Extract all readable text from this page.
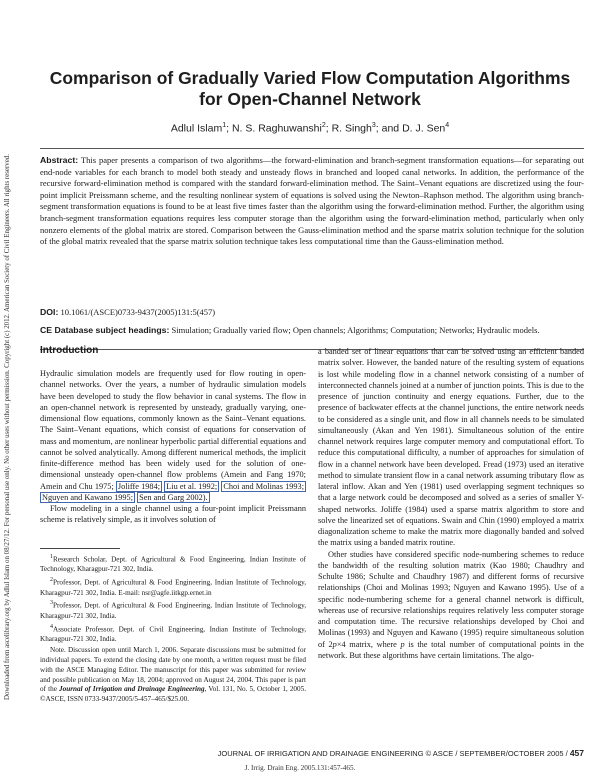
Downloaded from ascelibrary.org by Adlul Islam on 08/27/12. For personal use only. No other uses without permission. Copyright (c) 2012. American Society of Civil Engineers. All rights reserved.
Comparison of Gradually Varied Flow Computation Algorithms for Open-Channel Network
Adlul Islam$^1$; N. S. Raghuwanshi$^2$; R. Singh$^3$; and D. J. Sen$^4$
Abstract: This paper presents a comparison of two algorithms—the forward-elimination and branch-segment transformation equations—for separating out end-node variables for each branch to model both steady and unsteady flows in branched and looped canal networks. In addition, the performance of the recursive forward-elimination method is compared with the standard forward-elimination method. The Saint–Venant equations are discretized using the four-point implicit Preissmann scheme, and the resulting nonlinear system of equations is solved using the Newton–Raphson method. The algorithm using branch-segment transformation equations is found to be at least five times faster than the algorithm using the forward-elimination method. Further, the algorithm using branch-segment transformation equations requires less computer storage than the algorithm using the forward-elimination method, particularly when only nonzero elements of the global matrix are stored. Comparison between the Gauss-elimination method and the sparse matrix solution technique for the solution of the global matrix revealed that the sparse matrix solution technique takes less computational time than the Gauss-elimination method.
DOI: 10.1061/(ASCE)0733-9437(2005)131:5(457)
CE Database subject headings: Simulation; Gradually varied flow; Open channels; Algorithms; Computation; Networks; Hydraulic models.
Introduction

Hydraulic simulation models are frequently used for flow routing in open-channel networks. Over the years, a number of hydraulic simulation models have been developed to study the flow behavior in canal systems. The flow in an open-channel network is represented by unsteady, gradually varying, one-dimensional flow equations, commonly known as the Saint–Venant equations. The Saint–Venant equations, which consist of equations for conservation of mass and momentum, are nonlinear hyperbolic partial differential equations and cannot be solved analytically. Among different numerical methods, the implicit finite-difference method has been widely used for the solution of one-dimensional unsteady open-channel flow problems (Amein and Fang 1970; Amein and Chu 1975; Joliffe 1984; Liu et al. 1992; Choi and Molinas 1993; Nguyen and Kawano 1995; Sen and Garg 2002).

Flow modeling in a single channel using a four-point implicit Preissmann scheme is relatively simple, as it involves solution of

$^1$Research Scholar, Dept. of Agricultural & Food Engineering, Indian Institute of Technology, Kharagpur-721 302, India.

$^2$Professor, Dept. of Agricultural & Food Engineering, Indian Institute of Technology, Kharagpur-721 302, India. E-mail: nsr@agfe.iitkgp.ernet.in

$^3$Professor, Dept. of Agricultural & Food Engineering, Indian Institute of Technology, Kharagpur-721 302, India.

$^4$Associate Professor, Dept. of Civil Engineering, Indian Institute of Technology, Kharagpur-721 302, India.

Note. Discussion open until March 1, 2006. Separate discussions must be submitted for individual papers. To extend the closing date by one month, a written request must be filed with the ASCE Managing Editor. The manuscript for this paper was submitted for review and possible publication on May 18, 2004; approved on August 24, 2004. This paper is part of the Journal of Irrigation and Drainage Engineering, Vol. 131, No. 5, October 1, 2005. ©ASCE, ISSN 0733-9437/2005/5-457–465/$25.00.

a banded set of linear equations that can be solved using an efficient banded matrix solver. However, the banded nature of the resulting system of equations is lost while modeling flow in a channel network consisting of a number of interconnected channels joined at a number of junction points. This is due to the presence of junction continuity and energy equations. Further, due to the presence of backwater effects at the channel junctions, the entire network needs to be considered as a single unit, and flow in all channels needs to be simulated simultaneously (Akan and Yen 1981). Simultaneous solution of the entire channel network requires large computer memory and computational effort. To reduce this computational difficulty, a number of approaches for simulation of flow in a channel network have been developed. Fread (1973) used an iterative method to simulate transient flow in a canal network assuming tributary flow as lateral inflow. Akan and Yen (1981) used overlapping segment techniques so that a large network could be decomposed and solved as a series of smaller Y-shaped networks. Joliffe (1984) used a sparse matrix algorithm to store and solve the linearized set of equations. Swain and Chin (1990) employed a matrix diagonalization scheme to make the matrix more diagonally banded and solved the matrix using a banded matrix routine.

Other studies have considered specific node-numbering schemes to reduce the bandwidth of the resulting solution matrix (Kao 1980; Chaudhry and Schulte 1986; Schulte and Chaudhry 1987) and different forms of recursive relationships (Choi and Molinas 1993; Nguyen and Kawano 1995). Use of a specific node-numbering scheme for a general channel network is difficult, whereas use of recursive relationships requires relatively less computer storage and computation time. The recursive relationships developed by Choi and Molinas (1993) and Nguyen and Kawano (1995) require simultaneous solution of 2p×4 matrix, where p is the total number of computational points in the network. But these algorithms have certain limitations. The algo-

JOURNAL OF IRRIGATION AND DRAINAGE ENGINEERING © ASCE / SEPTEMBER/OCTOBER 2005 / 457
J. Irrig. Drain Eng. 2005.131:457-465.
